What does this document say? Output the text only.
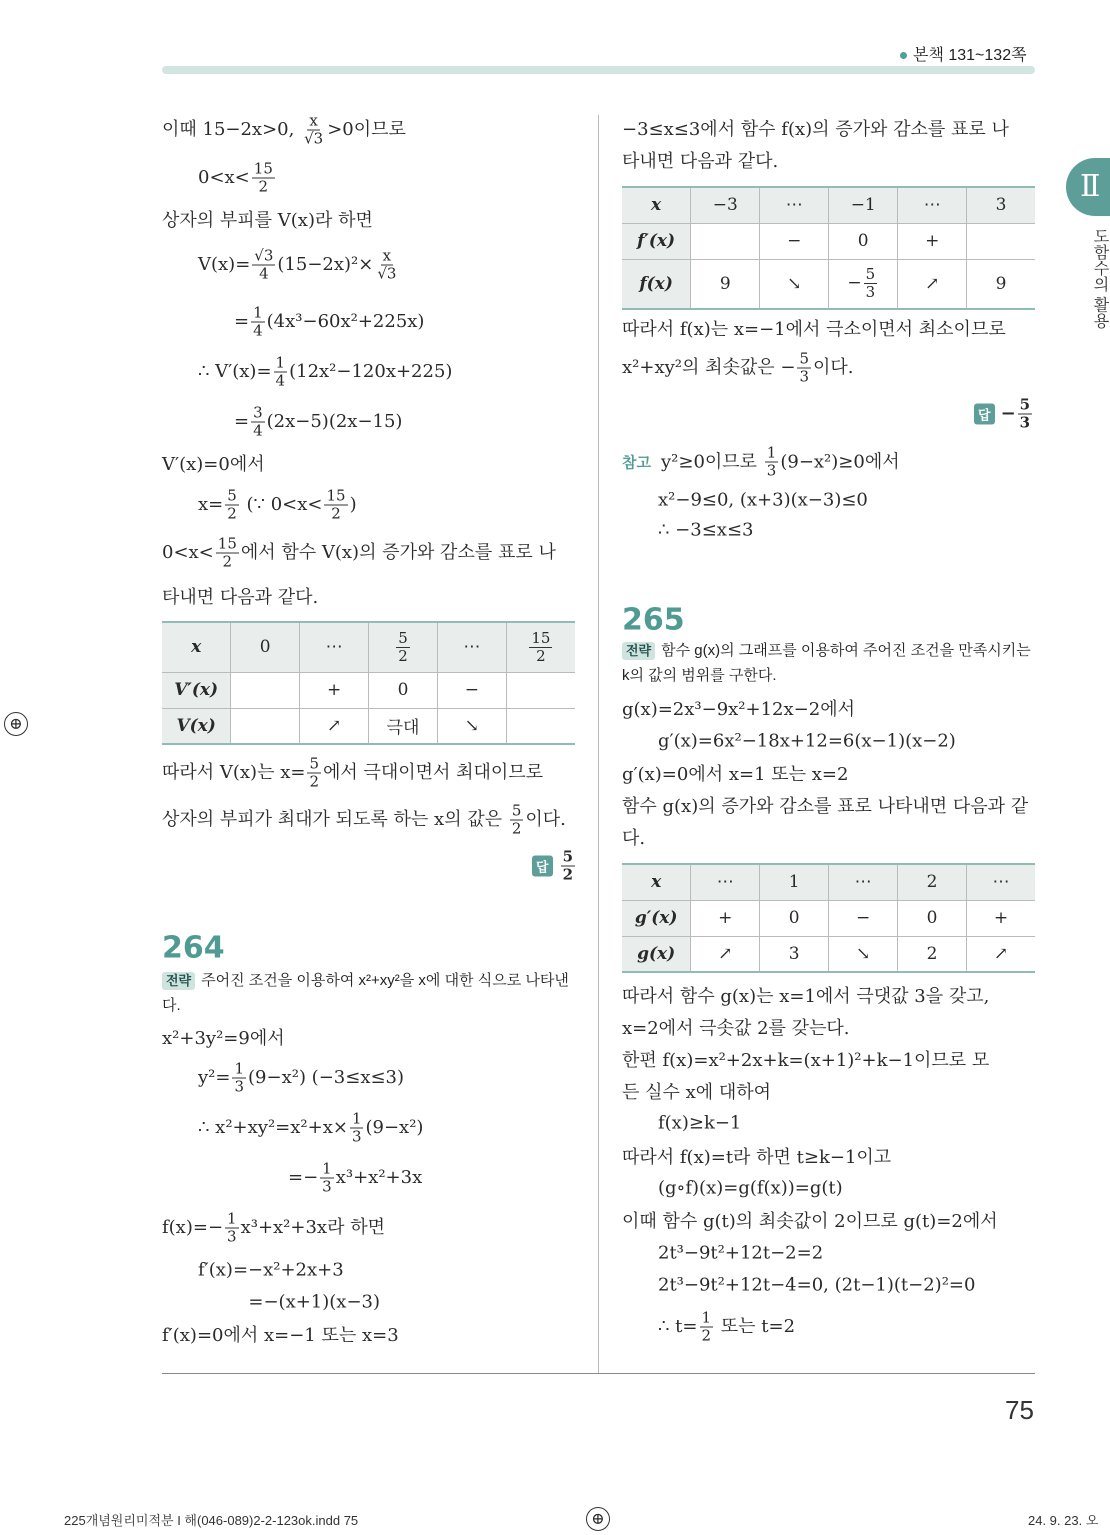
본책 131~132쪽
Ⅱ
도함수의 활용
75
264
전략 주어진 조건을 이용하여 x²+xy²을 x에 대한 식으로 나타낸다.
265
전략 함수 g(x)의 그래프를 이용하여 주어진 조건을 만족시키는 k의 값의 범위를 구한다.
답 $\frac{5}{2}$
답 − $\frac{5}{3}$
참고 y²≥0이므로 $\frac{1}{3} (9-x^2)\ge 0$에서
225개념원리미적분 I 해(046-089)2-2-123ok.indd 75	24. 9. 23. 오
⊕
⊕
이때 15−2x>0, $\frac{x}{√3} >0$이므로
$0<x< \frac{15}{2}$
상자의 부피를 V(x)라 하면
$V(x)= \frac{√3}{4} (15-2x)^2\times \frac{x}{√3}$
= $\frac{1}{4} (4x^3-60x^2+225x)$
∴ $V'(x)= \frac{1}{4} (12x^2-120x+225)$
= $\frac{3}{4} (2x-5)(2x-15)$
V′(x)=0에서
$x= \frac{5}{2}$ (∵ $0<x< \frac{15}{2}$ )
$0<x< \frac{15}{2}$ 에서 함수 V(x)의 증가와 감소를 표로 나
타내면 다음과 같다.
따라서 V(x)는 $x= \frac{5}{2}$ 에서 극대이면서 최대이므로
상자의 부피가 최대가 되도록 하는 x의 값은 $\frac{5}{2}$ 이다.
x	0	⋯	$\frac{5}{2}$	⋯	$\frac{15}{2}$

V′(x)		+	0	−	
V(x)		↗	극대	↘	
x²+3y²=9에서
$y^2= \frac{1}{3} (9-x^2)$ (−3≤x≤3)
∴ $x^2+xy^2=x^2+x\times \frac{1}{3} (9-x^2)$
=− $\frac{1}{3} x^3+x^2+3x$
$f(x)=- \frac{1}{3} x^3+x^2+3x$라 하면
f′(x)=−x²+2x+3
=−(x+1)(x−3)
f′(x)=0에서 x=−1 또는 x=3
−3≤x≤3에서 함수 f(x)의 증가와 감소를 표로 나
타내면 다음과 같다.
따라서 f(x)는 x=−1에서 극소이면서 최소이므로
x²+xy²의 최솟값은 − $\frac{5}{3}$ 이다.
x	−3	⋯	−1	⋯	3
f′(x)		−	0	+	
f(x)	9	↘	− $\frac{5}{3}$	↗	9
x²−9≤0, (x+3)(x−3)≤0
∴ −3≤x≤3
g(x)=2x³−9x²+12x−2에서
g′(x)=6x²−18x+12=6(x−1)(x−2)
g′(x)=0에서 x=1 또는 x=2
함수 g(x)의 증가와 감소를 표로 나타내면 다음과 같
다.
x	⋯	1	⋯	2	⋯
g′(x)	+	0	−	0	+
g(x)	↗	3	↘	2	↗
따라서 함수 g(x)는 x=1에서 극댓값 3을 갖고,
x=2에서 극솟값 2를 갖는다.
한편 f(x)=x²+2x+k=(x+1)²+k−1이므로 모
든 실수 x에 대하여
f(x)≥k−1
따라서 f(x)=t라 하면 t≥k−1이고
(g∘f)(x)=g(f(x))=g(t)
이때 함수 g(t)의 최솟값이 2이므로 g(t)=2에서
2t³−9t²+12t−2=2
2t³−9t²+12t−4=0, (2t−1)(t−2)²=0
∴ $t= \frac{1}{2}$ 또는 t=2
